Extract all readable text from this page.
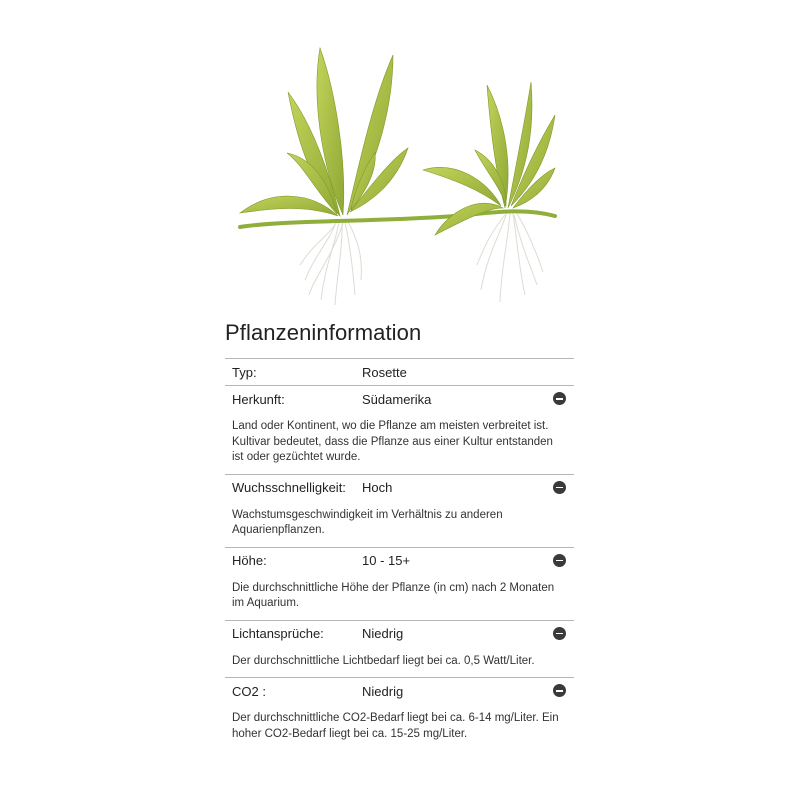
Pflanzeninformation
Typ:	Rosette
Herkunft:	Südamerika
Land oder Kontinent, wo die Pflanze am meisten verbreitet ist. Kultivar bedeutet, dass die Pflanze aus einer Kultur entstanden ist oder gezüchtet wurde.
Wuchsschnelligkeit:	Hoch
Wachstumsgeschwindigkeit im Verhältnis zu anderen Aquarienpflanzen.
Höhe:	10 - 15+
Die durchschnittliche Höhe der Pflanze (in cm) nach 2 Monaten im Aquarium.
Lichtansprüche:	Niedrig
Der durchschnittliche Lichtbedarf liegt bei ca. 0,5 Watt/Liter.
CO2 :	Niedrig
Der durchschnittliche CO2-Bedarf liegt bei ca. 6-14 mg/Liter. Ein hoher CO2-Bedarf liegt bei ca. 15-25 mg/Liter.
